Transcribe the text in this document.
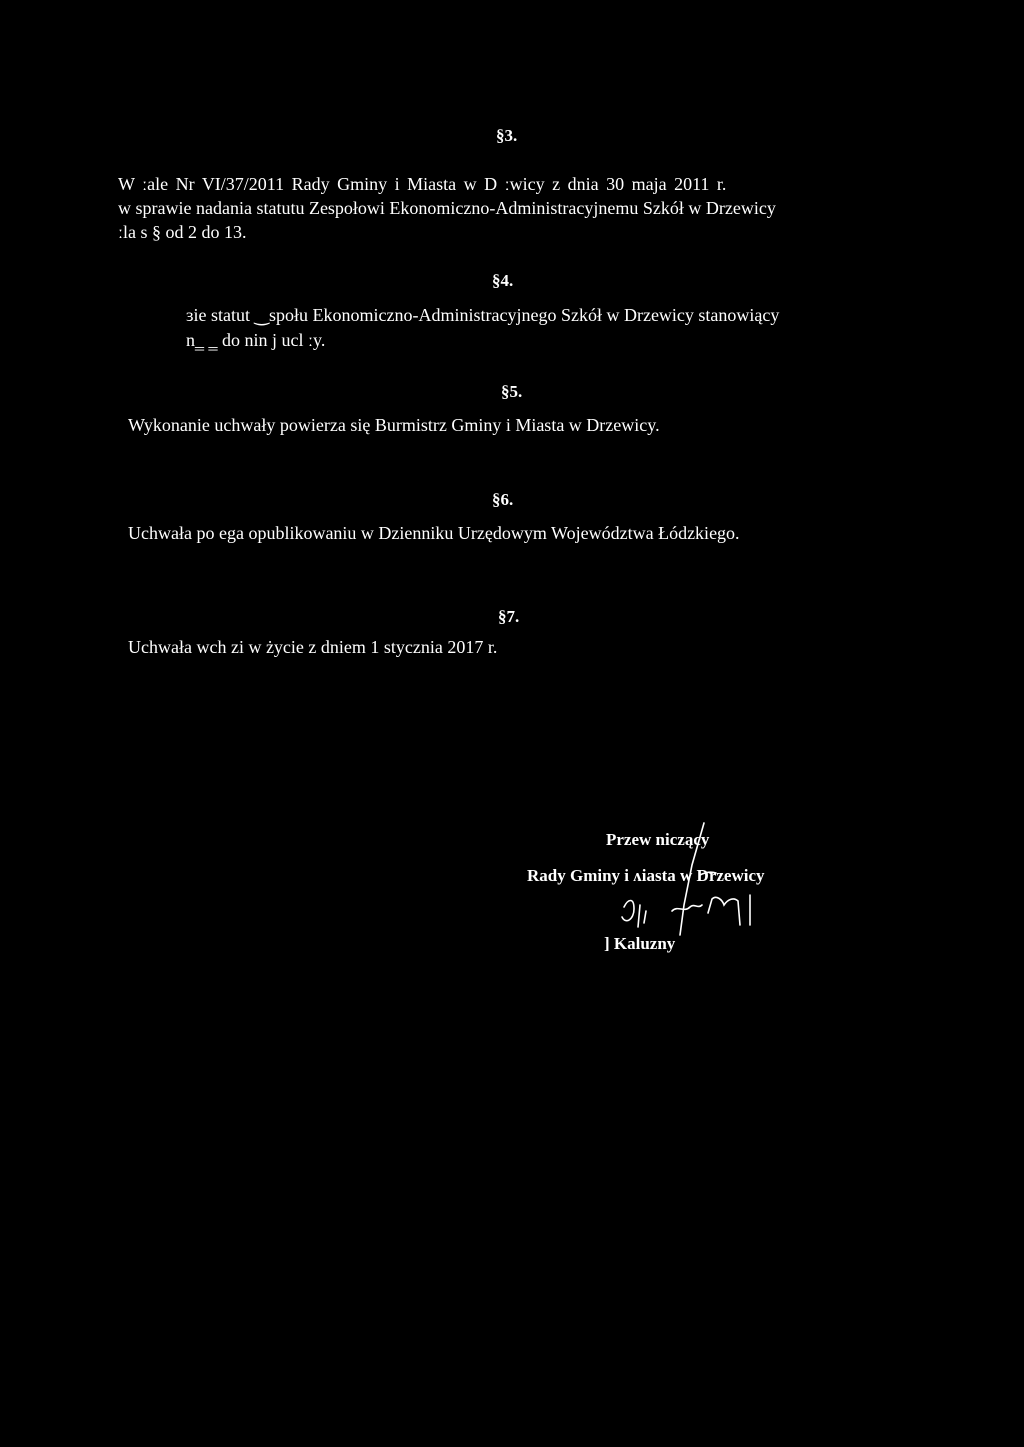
§3.
W ːale Nr VI/37/2011 Rady Gminy i Miasta w D ːwicy z dnia 30 maja 2011 r.
w sprawie nadania statutu Zespołowi Ekonomiczno-Administracyjnemu Szkół w Drzewicy
ːla s § od 2 do 13.
§4.
ɜie statut ‿społu Ekonomiczno-Administracyjnego Szkół w Drzewicy stanowiący
n‗ ‗ do nin j ucl ːy.
§5.
Wykonanie uchwały powierza się Burmistrz Gminy i Miasta w Drzewicy.
§6.
Uchwała po ega opublikowaniu w Dzienniku Urzędowym Województwa Łódzkiego.
§7.
Uchwała wch zi w życie z dniem 1 stycznia 2017 r.
Przew niczący
Rady Gminy i ʌiasta w Drzewicy
] Kaluzny
